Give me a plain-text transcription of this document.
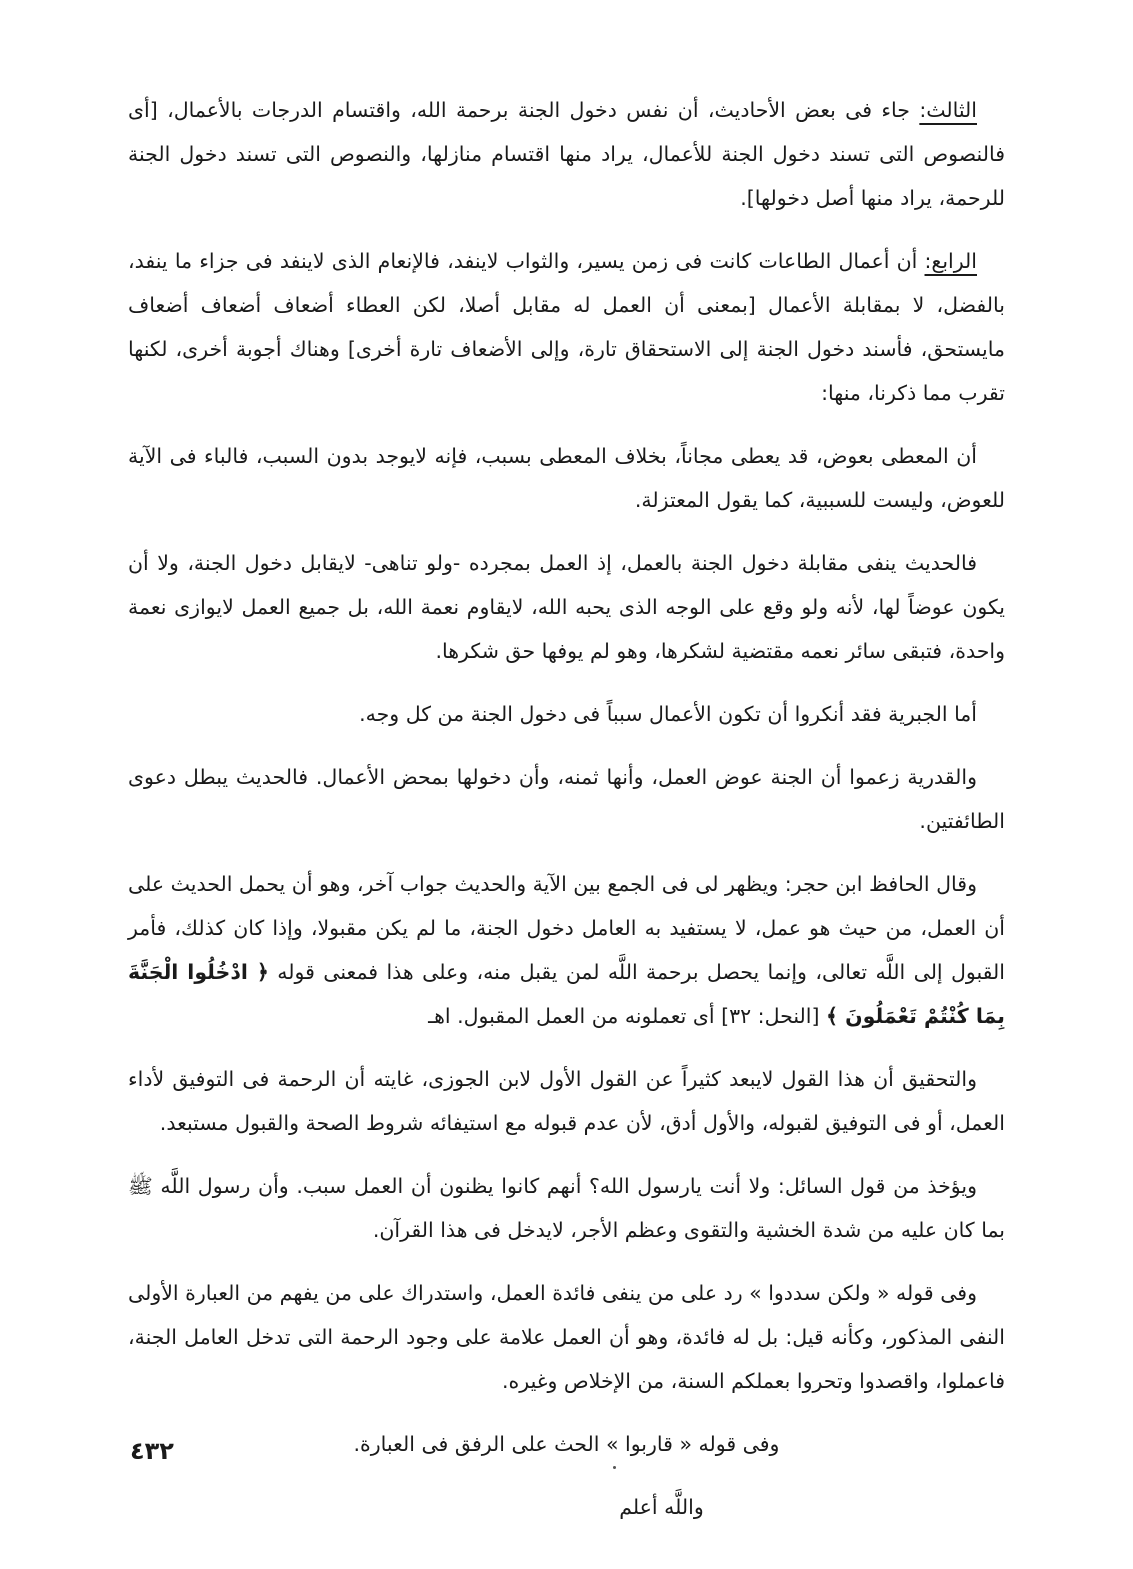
الثالث: جاء فى بعض الأحاديث، أن نفس دخول الجنة برحمة الله، واقتسام الدرجات بالأعمال، [أى فالنصوص التى تسند دخول الجنة للأعمال، يراد منها اقتسام منازلها، والنصوص التى تسند دخول الجنة للرحمة، يراد منها أصل دخولها].

الرابع: أن أعمال الطاعات كانت فى زمن يسير، والثواب لاينفد، فالإنعام الذى لاينفد فى جزاء ما ينفد، بالفضل، لا بمقابلة الأعمال [بمعنى أن العمل له مقابل أصلا، لكن العطاء أضعاف أضعاف أضعاف مايستحق، فأسند دخول الجنة إلى الاستحقاق تارة، وإلى الأضعاف تارة أخرى] وهناك أجوبة أخرى، لكنها تقرب مما ذكرنا، منها:

أن المعطى بعوض، قد يعطى مجاناً، بخلاف المعطى بسبب، فإنه لايوجد بدون السبب، فالباء فى الآية للعوض، وليست للسببية، كما يقول المعتزلة.

فالحديث ينفى مقابلة دخول الجنة بالعمل، إذ العمل بمجرده -ولو تناهى- لايقابل دخول الجنة، ولا أن يكون عوضاً لها، لأنه ولو وقع على الوجه الذى يحبه الله، لايقاوم نعمة الله، بل جميع العمل لايوازى نعمة واحدة، فتبقى سائر نعمه مقتضية لشكرها، وهو لم يوفها حق شكرها.

أما الجبرية فقد أنكروا أن تكون الأعمال سبباً فى دخول الجنة من كل وجه.

والقدرية زعموا أن الجنة عوض العمل، وأنها ثمنه، وأن دخولها بمحض الأعمال. فالحديث يبطل دعوى الطائفتين.

وقال الحافظ ابن حجر: ويظهر لى فى الجمع بين الآية والحديث جواب آخر، وهو أن يحمل الحديث على أن العمل، من حيث هو عمل، لا يستفيد به العامل دخول الجنة، ما لم يكن مقبولا، وإذا كان كذلك، فأمر القبول إلى اللَّه تعالى، وإنما يحصل برحمة اللَّه لمن يقبل منه، وعلى هذا فمعنى قوله ﴿ ادْخُلُوا الْجَنَّةَ بِمَا كُنْتُمْ تَعْمَلُونَ ﴾ [النحل: ٣٢] أى تعملونه من العمل المقبول. اهـ

والتحقيق أن هذا القول لايبعد كثيراً عن القول الأول لابن الجوزى، غايته أن الرحمة فى التوفيق لأداء العمل، أو فى التوفيق لقبوله، والأول أدق، لأن عدم قبوله مع استيفائه شروط الصحة والقبول مستبعد.

ويؤخذ من قول السائل: ولا أنت يارسول الله؟ أنهم كانوا يظنون أن العمل سبب. وأن رسول اللَّه ﷺ بما كان عليه من شدة الخشية والتقوى وعظم الأجر، لايدخل فى هذا القرآن.

وفى قوله « ولكن سددوا » رد على من ينفى فائدة العمل، واستدراك على من يفهم من العبارة الأولى النفى المذكور، وكأنه قيل: بل له فائدة، وهو أن العمل علامة على وجود الرحمة التى تدخل العامل الجنة، فاعملوا، واقصدوا وتحروا بعملكم السنة، من الإخلاص وغيره.

وفى قوله « قاربوا » الحث على الرفق فى العبارة.

واللَّه أعلم

٤٣٢
